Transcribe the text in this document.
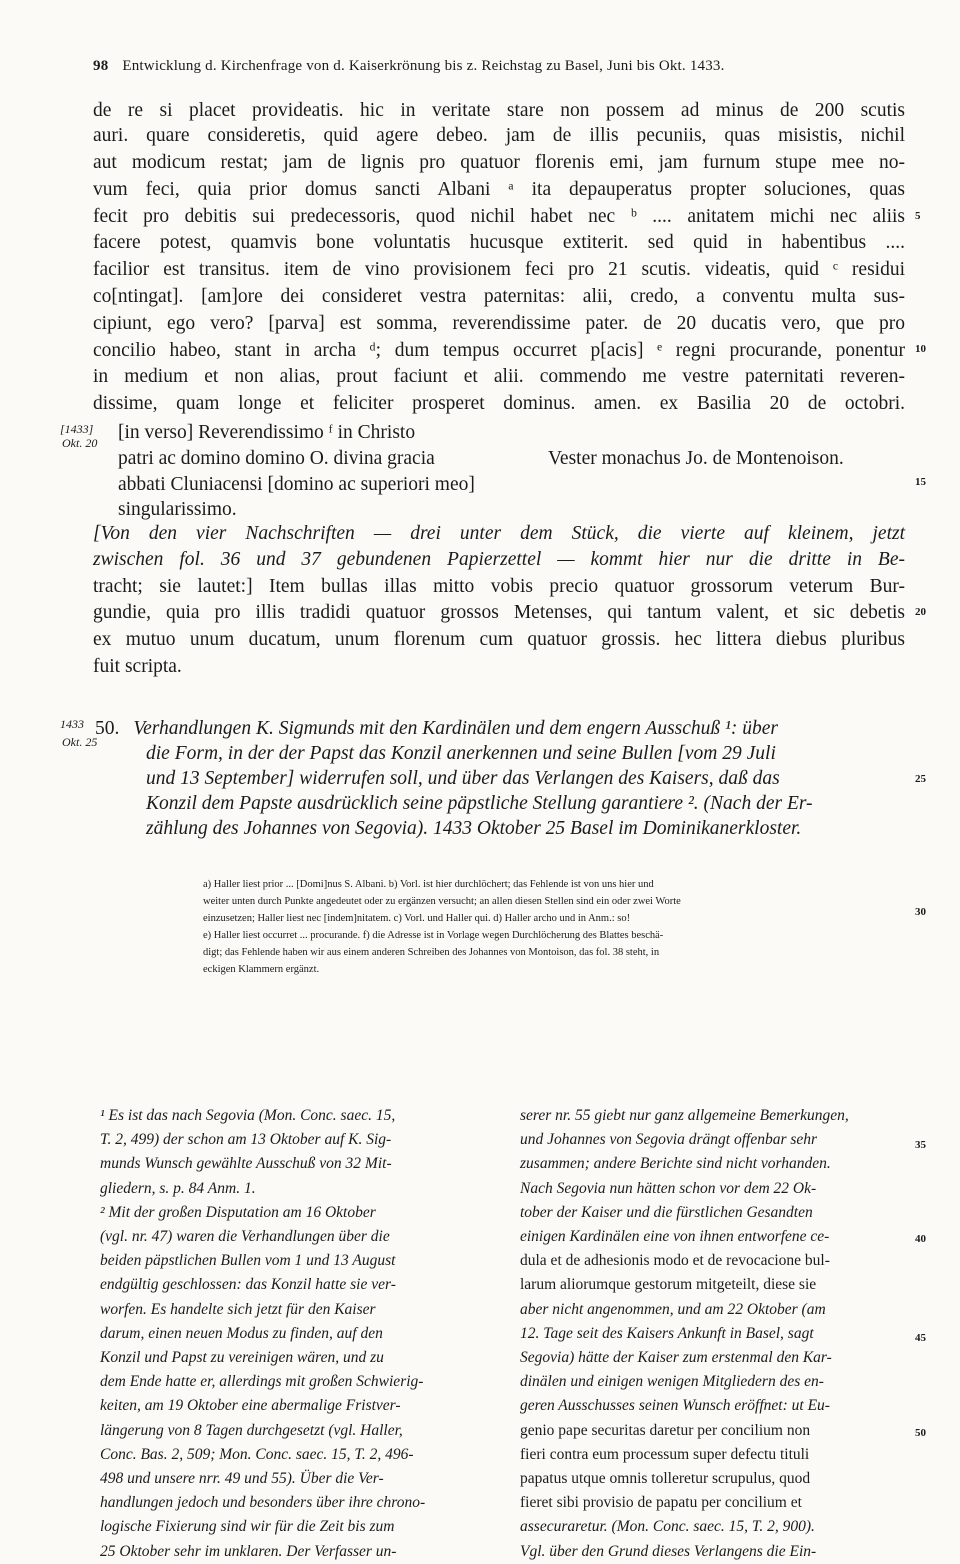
98 Entwicklung d. Kirchenfrage von d. Kaiserkrönung bis z. Reichstag zu Basel, Juni bis Okt. 1433.
de re si placet provideatis. hic in veritate stare non possem ad minus de 200 scutis
auri. quare consideretis, quid agere debeo. jam de illis pecuniis, quas misistis, nichil
aut modicum restat; jam de lignis pro quatuor florenis emi, jam furnum stupe mee no-
vum feci, quia prior domus sancti Albani ᵃ ita depauperatus propter soluciones, quas
fecit pro debitis sui predecessoris, quod nichil habet nec ᵇ .... anitatem michi nec aliis
facere potest, quamvis bone voluntatis hucusque extiterit. sed quid in habentibus ....
facilior est transitus. item de vino provisionem feci pro 21 scutis. videatis, quid ᶜ residui
co[ntingat]. [am]ore dei consideret vestra paternitas: alii, credo, a conventu multa sus-
cipiunt, ego vero? [parva] est somma, reverendissime pater. de 20 ducatis vero, que pro
concilio habeo, stant in archa ᵈ; dum tempus occurret p[acis] ᵉ regni procurande, ponentur
in medium et non alias, prout faciunt et alii. commendo me vestre paternitati reveren-
dissime, quam longe et feliciter prosperet dominus. amen. ex Basilia 20 de octobri.
[in verso] Reverendissimo ᶠ in Christo
patri ac domino domino O. divina gracia	Vester monachus Jo. de Montenoison.
abbati Cluniacensi [domino ac superiori meo]
singularissimo.
[Von den vier Nachschriften — drei unter dem Stück, die vierte auf kleinem, jetzt
zwischen fol. 36 und 37 gebundenen Papierzettel — kommt hier nur die dritte in Be-
tracht; sie lautet:] Item bullas illas mitto vobis precio quatuor grossorum veterum Bur-
gundie, quia pro illis tradidi quatuor grossos Metenses, qui tantum valent, et sic debetis
ex mutuo unum ducatum, unum florenum cum quatuor grossis. hec littera diebus pluribus
fuit scripta.
[1433]
Okt. 20
1433
Okt. 25
5
10
15
20
25
30
35
40
45
50
50. Verhandlungen K. Sigmunds mit den Kardinälen und dem engern Ausschuß ¹: über
die Form, in der der Papst das Konzil anerkennen und seine Bullen [vom 29 Juli
und 13 September] widerrufen soll, und über das Verlangen des Kaisers, daß das
Konzil dem Papste ausdrücklich seine päpstliche Stellung garantiere ². (Nach der Er-
zählung des Johannes von Segovia). 1433 Oktober 25 Basel im Dominikanerkloster.
a) Haller liest prior ... [Domi]nus S. Albani. b) Vorl. ist hier durchlöchert; das Fehlende ist von uns hier und
weiter unten durch Punkte angedeutet oder zu ergänzen versucht; an allen diesen Stellen sind ein oder zwei Worte
einzusetzen; Haller liest nec [indem]nitatem. c) Vorl. und Haller qui. d) Haller archo und in Anm.: so!
e) Haller liest occurret ... procurande. f) die Adresse ist in Vorlage wegen Durchlöcherung des Blattes beschä-
digt; das Fehlende haben wir aus einem anderen Schreiben des Johannes von Montoison, das fol. 38 steht, in
eckigen Klammern ergänzt.
¹ Es ist das nach Segovia (Mon. Conc. saec. 15,
T. 2, 499) der schon am 13 Oktober auf K. Sig-
munds Wunsch gewählte Ausschuß von 32 Mit-
gliedern, s. p. 84 Anm. 1.
² Mit der großen Disputation am 16 Oktober
(vgl. nr. 47) waren die Verhandlungen über die
beiden päpstlichen Bullen vom 1 und 13 August
endgültig geschlossen: das Konzil hatte sie ver-
worfen. Es handelte sich jetzt für den Kaiser
darum, einen neuen Modus zu finden, auf den
Konzil und Papst zu vereinigen wären, und zu
dem Ende hatte er, allerdings mit großen Schwierig-
keiten, am 19 Oktober eine abermalige Fristver-
längerung von 8 Tagen durchgesetzt (vgl. Haller,
Conc. Bas. 2, 509; Mon. Conc. saec. 15, T. 2, 496-
498 und unsere nrr. 49 und 55). Über die Ver-
handlungen jedoch und besonders über ihre chrono-
logische Fixierung sind wir für die Zeit bis zum
25 Oktober sehr im unklaren. Der Verfasser un-
serer nr. 55 giebt nur ganz allgemeine Bemerkungen,
und Johannes von Segovia drängt offenbar sehr
zusammen; andere Berichte sind nicht vorhanden.
Nach Segovia nun hätten schon vor dem 22 Ok-
tober der Kaiser und die fürstlichen Gesandten
einigen Kardinälen eine von ihnen entworfene ce-
dula et de adhesionis modo et de revocacione bul-
larum aliorumque gestorum mitgeteilt, diese sie
aber nicht angenommen, und am 22 Oktober (am
12. Tage seit des Kaisers Ankunft in Basel, sagt
Segovia) hätte der Kaiser zum erstenmal den Kar-
dinälen und einigen wenigen Mitgliedern des en-
geren Ausschusses seinen Wunsch eröffnet: ut Eu-
genio pape securitas daretur per concilium non
fieri contra eum processum super defectu tituli
papatus utque omnis tolleretur scrupulus, quod
fieret sibi provisio de papatu per concilium et
assecuraretur. (Mon. Conc. saec. 15, T. 2, 900).
Vgl. über den Grund dieses Verlangens die Ein-
